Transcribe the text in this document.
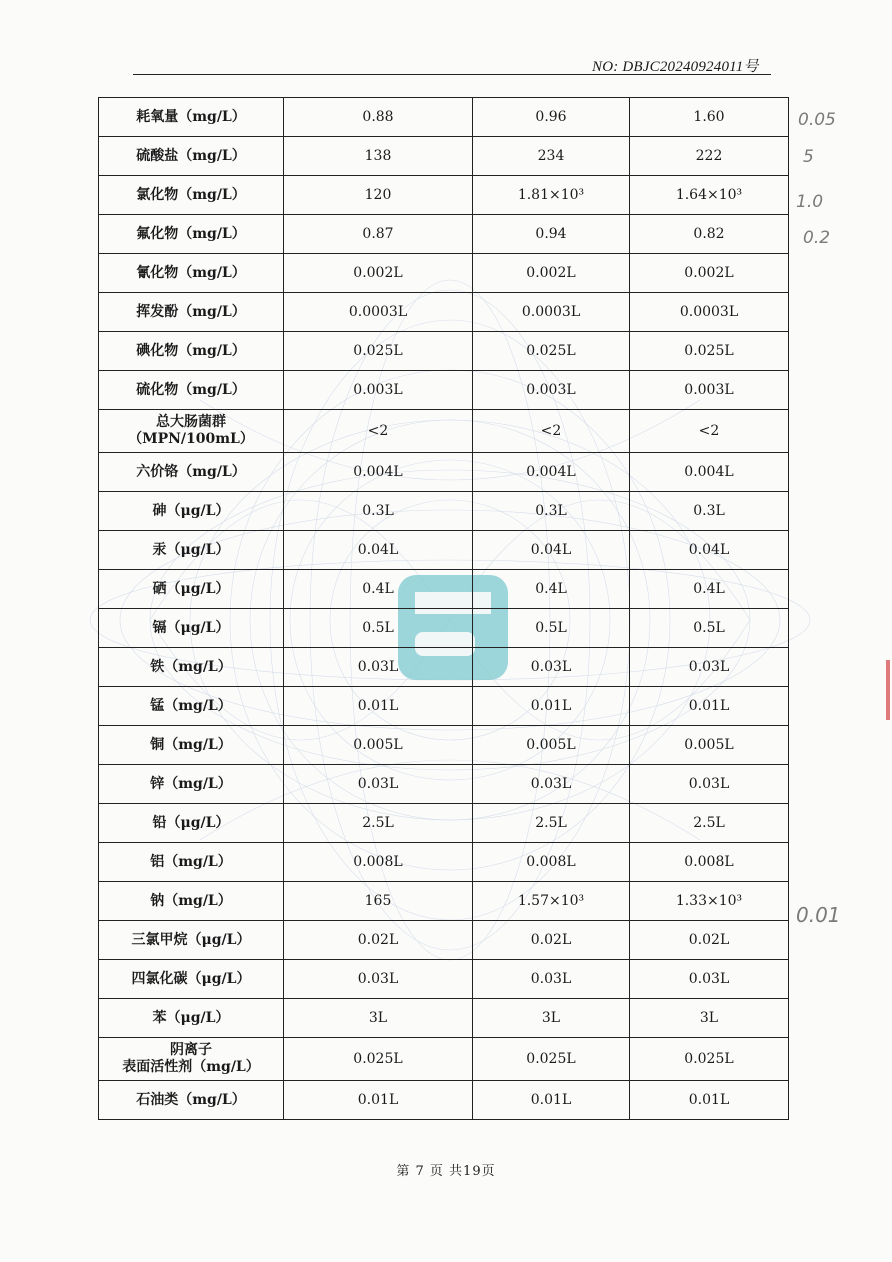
NO: DBJC20240924011号
耗氧量（mg/L）	0.88	0.96	1.60
硫酸盐（mg/L）	138	234	222
氯化物（mg/L）	120	1.81×10³	1.64×10³
氟化物（mg/L）	0.87	0.94	0.82
氰化物（mg/L）	0.002L	0.002L	0.002L
挥发酚（mg/L）	0.0003L	0.0003L	0.0003L
碘化物（mg/L）	0.025L	0.025L	0.025L
硫化物（mg/L）	0.003L	0.003L	0.003L

总大肠菌群
（MPN/100mL）	<2	<2	<2
六价铬（mg/L）	0.004L	0.004L	0.004L
砷（μg/L）	0.3L	0.3L	0.3L
汞（μg/L）	0.04L	0.04L	0.04L
硒（μg/L）	0.4L	0.4L	0.4L
镉（μg/L）	0.5L	0.5L	0.5L
铁（mg/L）	0.03L	0.03L	0.03L
锰（mg/L）	0.01L	0.01L	0.01L
铜（mg/L）	0.005L	0.005L	0.005L
锌（mg/L）	0.03L	0.03L	0.03L
铅（μg/L）	2.5L	2.5L	2.5L
铝（mg/L）	0.008L	0.008L	0.008L
钠（mg/L）	165	1.57×10³	1.33×10³
三氯甲烷（μg/L）	0.02L	0.02L	0.02L
四氯化碳（μg/L）	0.03L	0.03L	0.03L
苯（μg/L）	3L	3L	3L

阴离子
表面活性剂（mg/L）	0.025L	0.025L	0.025L
石油类（mg/L）	0.01L	0.01L	0.01L
0.05
5
1.0
0.2
0.01
第 7 页 共19页
